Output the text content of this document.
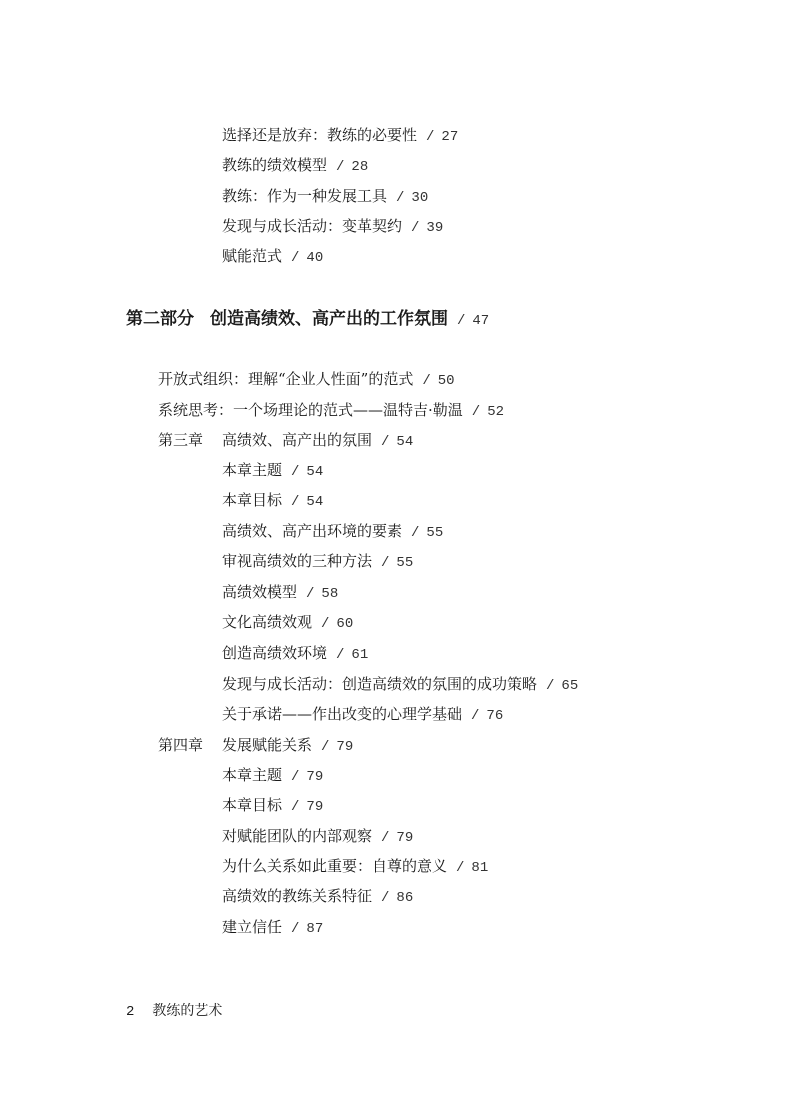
选择还是放弃：教练的必要性 / 27
教练的绩效模型 / 28
教练：作为一种发展工具 / 30
发现与成长活动：变革契约 / 39
赋能范式 / 40
第二部分 创造高绩效、高产出的工作氛围 / 47
开放式组织：理解“企业人性面”的范式 / 50
系统思考：一个场理论的范式——温特吉·勒温 / 52
第三章 高绩效、高产出的氛围 / 54
本章主题 / 54
本章目标 / 54
高绩效、高产出环境的要素 / 55
审视高绩效的三种方法 / 55
高绩效模型 / 58
文化高绩效观 / 60
创造高绩效环境 / 61
发现与成长活动：创造高绩效的氛围的成功策略 / 65
关于承诺——作出改变的心理学基础 / 76
第四章 发展赋能关系 / 79
本章主题 / 79
本章目标 / 79
对赋能团队的内部观察 / 79
为什么关系如此重要：自尊的意义 / 81
高绩效的教练关系特征 / 86
建立信任 / 87
2 教练的艺术
